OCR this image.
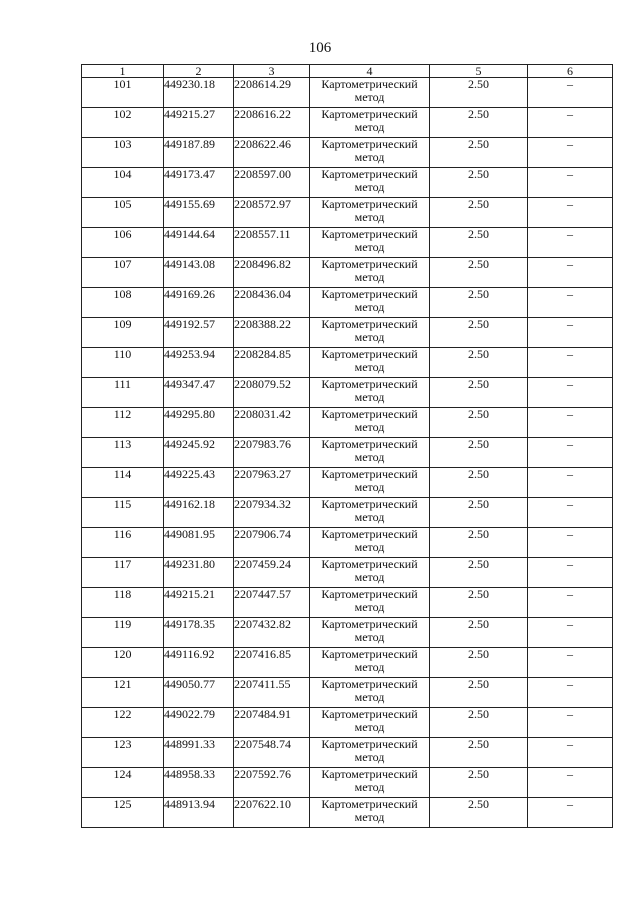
106
1	2	3	4	5	6
101	449230.18	2208614.29	Картометрический метод	2.50	–
102	449215.27	2208616.22	Картометрический метод	2.50	–
103	449187.89	2208622.46	Картометрический метод	2.50	–
104	449173.47	2208597.00	Картометрический метод	2.50	–
105	449155.69	2208572.97	Картометрический метод	2.50	–
106	449144.64	2208557.11	Картометрический метод	2.50	–
107	449143.08	2208496.82	Картометрический метод	2.50	–
108	449169.26	2208436.04	Картометрический метод	2.50	–
109	449192.57	2208388.22	Картометрический метод	2.50	–
110	449253.94	2208284.85	Картометрический метод	2.50	–
111	449347.47	2208079.52	Картометрический метод	2.50	–
112	449295.80	2208031.42	Картометрический метод	2.50	–
113	449245.92	2207983.76	Картометрический метод	2.50	–
114	449225.43	2207963.27	Картометрический метод	2.50	–
115	449162.18	2207934.32	Картометрический метод	2.50	–
116	449081.95	2207906.74	Картометрический метод	2.50	–
117	449231.80	2207459.24	Картометрический метод	2.50	–
118	449215.21	2207447.57	Картометрический метод	2.50	–
119	449178.35	2207432.82	Картометрический метод	2.50	–
120	449116.92	2207416.85	Картометрический метод	2.50	–
121	449050.77	2207411.55	Картометрический метод	2.50	–
122	449022.79	2207484.91	Картометрический метод	2.50	–
123	448991.33	2207548.74	Картометрический метод	2.50	–
124	448958.33	2207592.76	Картометрический метод	2.50	–
125	448913.94	2207622.10	Картометрический метод	2.50	–
